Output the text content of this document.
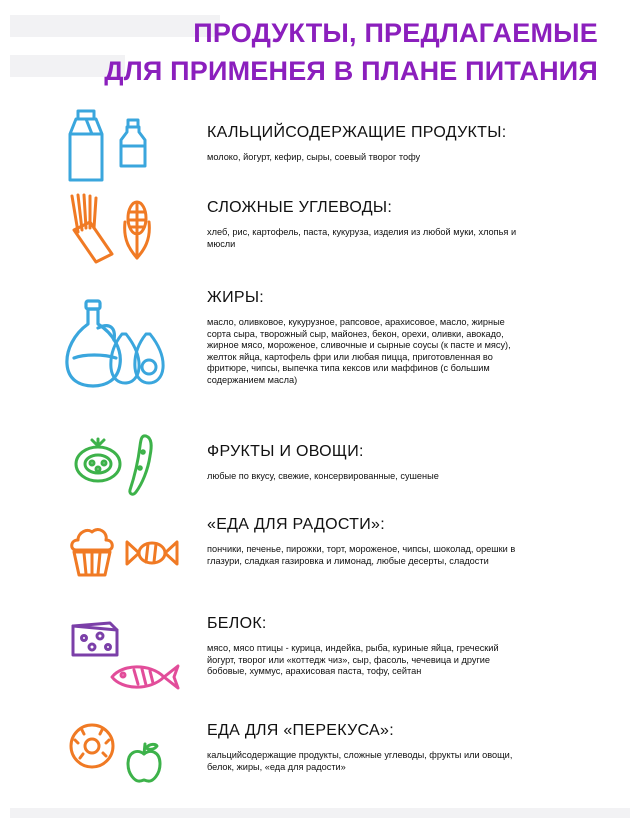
ПРОДУКТЫ, ПРЕДЛАГАЕМЫЕ
ДЛЯ ПРИМЕНЕЯ В ПЛАНЕ ПИТАНИЯ
КАЛЬЦИЙСОДЕРЖАЩИЕ ПРОДУКТЫ:
молоко, йогурт, кефир, сыры, соевый творог тофу
СЛОЖНЫЕ УГЛЕВОДЫ:
хлеб, рис, картофель, паста, кукуруза, изделия из любой муки, хлопья и мюсли
ЖИРЫ:
масло, оливковое, кукурузное, рапсовое, арахисовое, масло, жирные сорта сыра, творожный сыр, майонез, бекон, орехи, оливки, авокадо, жирное мясо, мороженое, сливочные и сырные соусы (к пасте и мясу), желток яйца, картофель фри или любая пицца, приготовленная во фритюре, чипсы, выпечка типа кексов или маффинов (с большим содержанием масла)
ФРУКТЫ И ОВОЩИ:
любые по вкусу, свежие, консервированные, сушеные
«ЕДА ДЛЯ РАДОСТИ»:
пончики, печенье, пирожки, торт, мороженое, чипсы, шоколад, орешки в глазури, сладкая газировка и лимонад, любые десерты, сладости
БЕЛОК:
мясо, мясо птицы - курица, индейка, рыба, куриные яйца, греческий йогурт, творог или «коттедж чиз», сыр, фасоль, чечевица и другие бобовые, хуммус, арахисовая паста, тофу, сейтан
ЕДА ДЛЯ «ПЕРЕКУСА»:
кальцийсодержащие продукты, сложные углеводы, фрукты или овощи, белок, жиры, «еда для радости»
